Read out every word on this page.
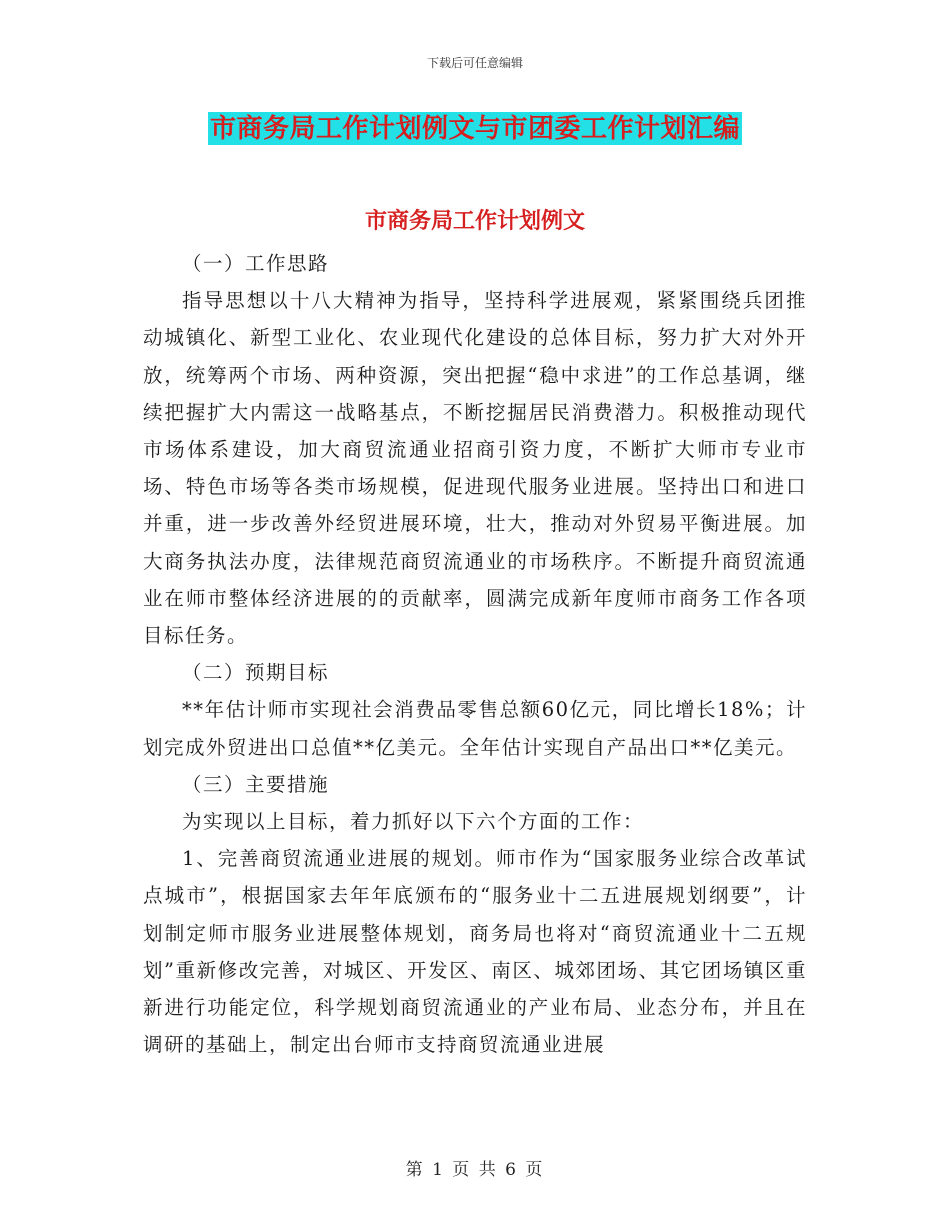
下载后可任意编辑
市商务局工作计划例文与市团委工作计划汇编
市商务局工作计划例文

（一）工作思路

指导思想以十八大精神为指导，坚持科学进展观，紧紧围绕兵团推动城镇化、新型工业化、农业现代化建设的总体目标，努力扩大对外开放，统筹两个市场、两种资源，突出把握“稳中求进”的工作总基调，继续把握扩大内需这一战略基点，不断挖掘居民消费潜力。积极推动现代市场体系建设，加大商贸流通业招商引资力度，不断扩大师市专业市场、特色市场等各类市场规模，促进现代服务业进展。坚持出口和进口并重，进一步改善外经贸进展环境，壮大，推动对外贸易平衡进展。加大商务执法办度，法律规范商贸流通业的市场秩序。不断提升商贸流通业在师市整体经济进展的的贡献率，圆满完成新年度师市商务工作各项目标任务。

（二）预期目标

**年估计师市实现社会消费品零售总额60亿元，同比增长18%；计划完成外贸进出口总值**亿美元。全年估计实现自产品出口**亿美元。

（三）主要措施

为实现以上目标，着力抓好以下六个方面的工作：

1、完善商贸流通业进展的规划。师市作为“国家服务业综合改革试点城市”，根据国家去年年底颁布的“服务业十二五进展规划纲要”，计划制定师市服务业进展整体规划，商务局也将对“商贸流通业十二五规划”重新修改完善，对城区、开发区、南区、城郊团场、其它团场镇区重新进行功能定位，科学规划商贸流通业的产业布局、业态分布，并且在调研的基础上，制定出台师市支持商贸流通业进展

第 1 页 共 6 页
